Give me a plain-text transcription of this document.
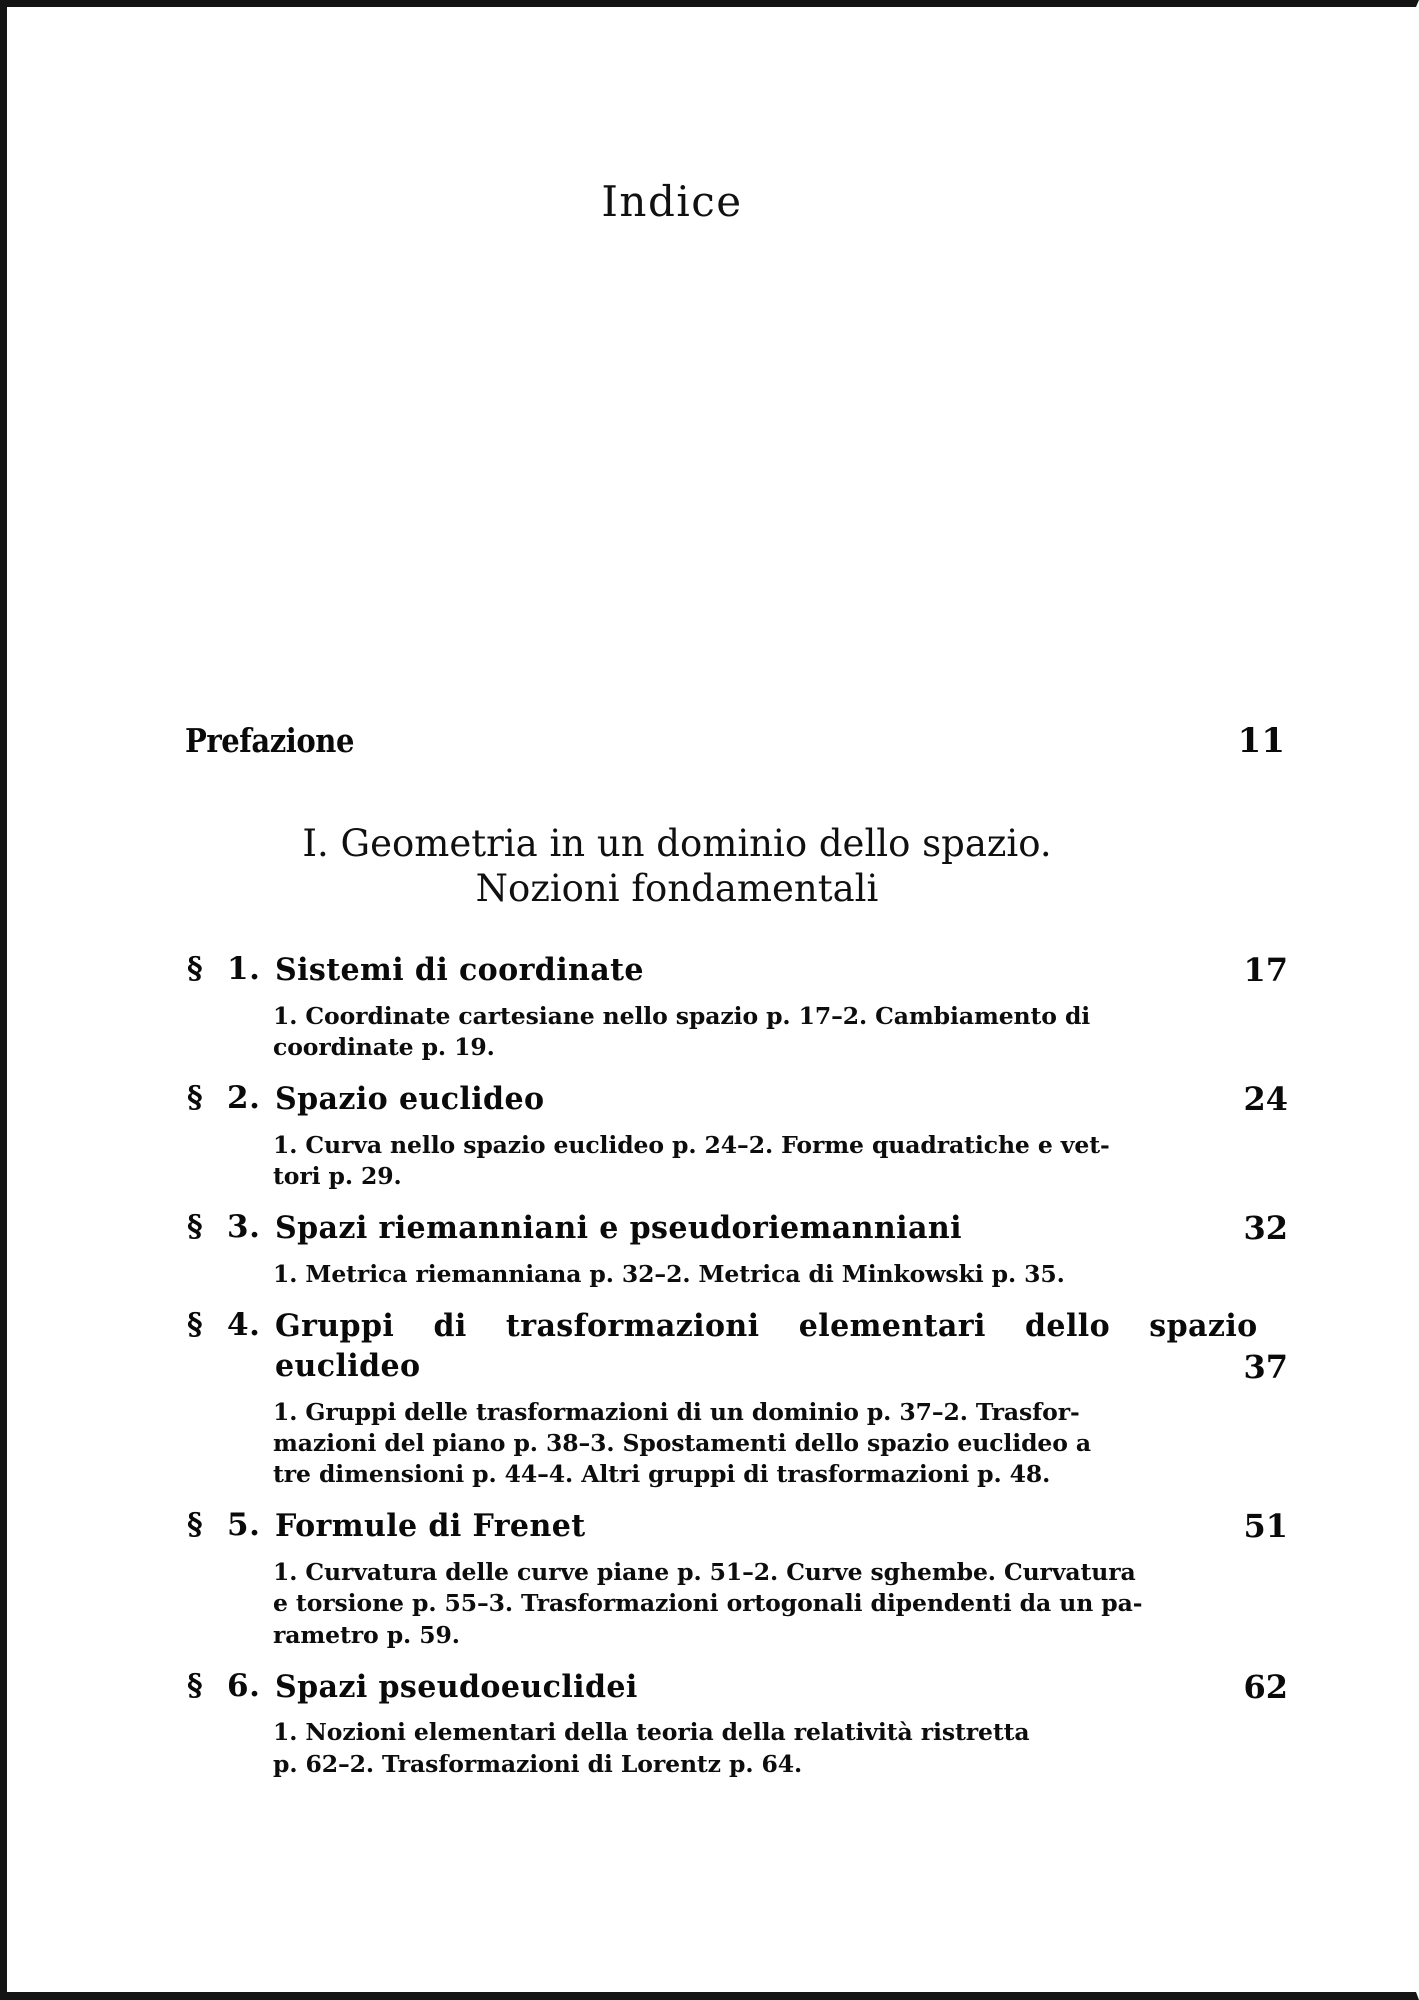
Indice
Prefazione	11
I. Geometria in un dominio dello spazio.
Nozioni fondamentali
§ 1. Sistemi di coordinate	17
1. Coordinate cartesiane nello spazio p. 17–2. Cambiamento di
coordinate p. 19.
§ 2. Spazio euclideo	24
1. Curva nello spazio euclideo p. 24–2. Forme quadratiche e vet-
tori p. 29.
§ 3. Spazi riemanniani e pseudoriemanniani	32
1. Metrica riemanniana p. 32–2. Metrica di Minkowski p. 35.
§ 4. Gruppi di trasformazioni elementari dello spazio
euclideo	37
1. Gruppi delle trasformazioni di un dominio p. 37–2. Trasfor-
mazioni del piano p. 38–3. Spostamenti dello spazio euclideo a
tre dimensioni p. 44–4. Altri gruppi di trasformazioni p. 48.
§ 5. Formule di Frenet	51
1. Curvatura delle curve piane p. 51–2. Curve sghembe. Curvatura
e torsione p. 55–3. Trasformazioni ortogonali dipendenti da un pa-
rametro p. 59.
§ 6. Spazi pseudoeuclidei	62
1. Nozioni elementari della teoria della relatività ristretta
p. 62–2. Trasformazioni di Lorentz p. 64.
